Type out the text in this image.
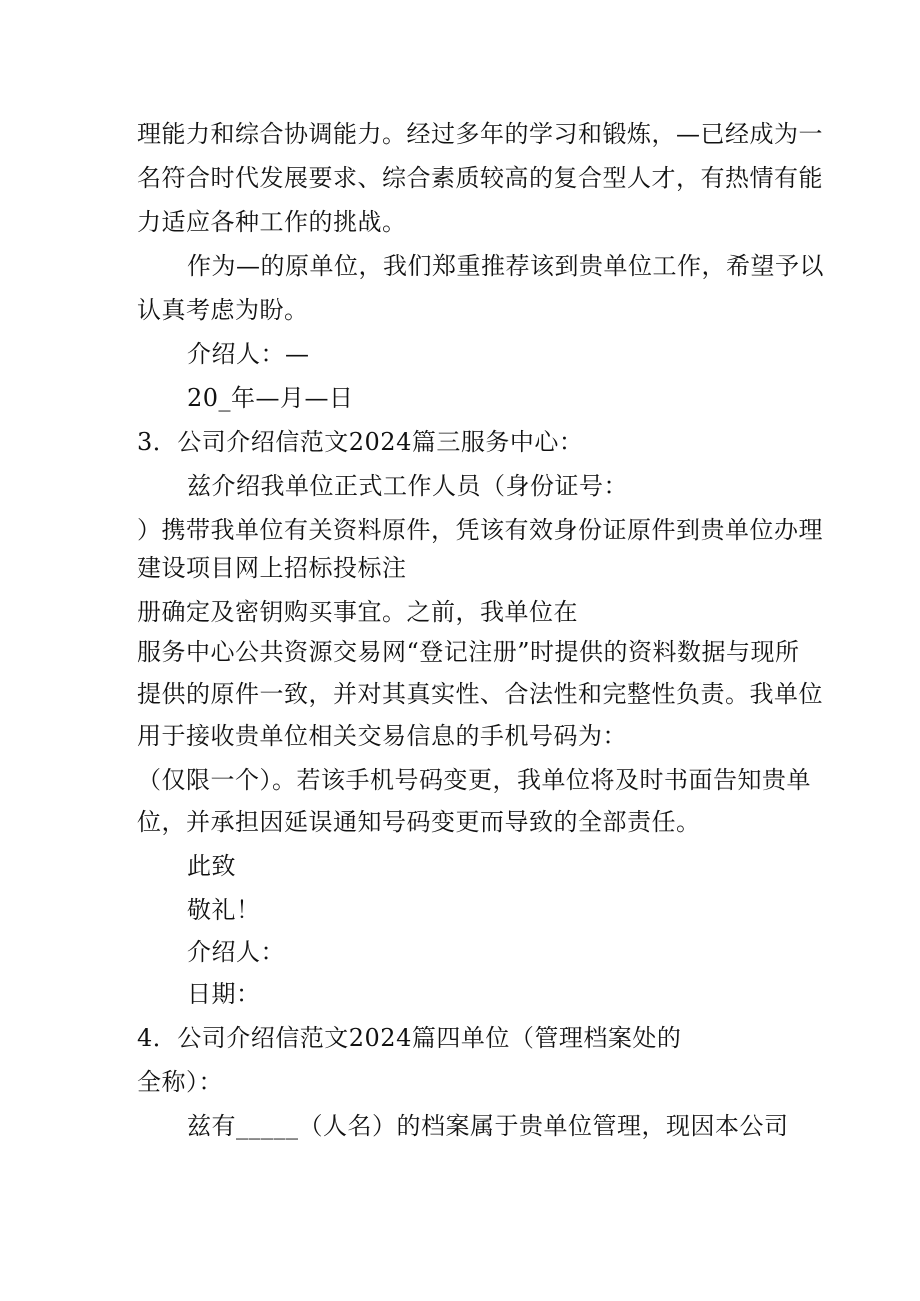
理能力和综合协调能力。经过多年的学习和锻炼，—已经成为一
名符合时代发展要求、综合素质较高的复合型人才，有热情有能
力适应各种工作的挑战。
作为—的原单位，我们郑重推荐该到贵单位工作，希望予以
认真考虑为盼。
介绍人：—
20_年—月—日
3．公司介绍信范文2024篇三服务中心：
兹介绍我单位正式工作人员（身份证号：
）携带我单位有关资料原件，凭该有效身份证原件到贵单位办理
建设项目网上招标投标注
册确定及密钥购买事宜。之前，我单位在
服务中心公共资源交易网“登记注册”时提供的资料数据与现所
提供的原件一致，并对其真实性、合法性和完整性负责。我单位
用于接收贵单位相关交易信息的手机号码为：
（仅限一个）。若该手机号码变更，我单位将及时书面告知贵单
位，并承担因延误通知号码变更而导致的全部责任。
此致
敬礼！
介绍人：
日期：
4．公司介绍信范文2024篇四单位（管理档案处的
全称）：
兹有_____（人名）的档案属于贵单位管理，现因本公司
